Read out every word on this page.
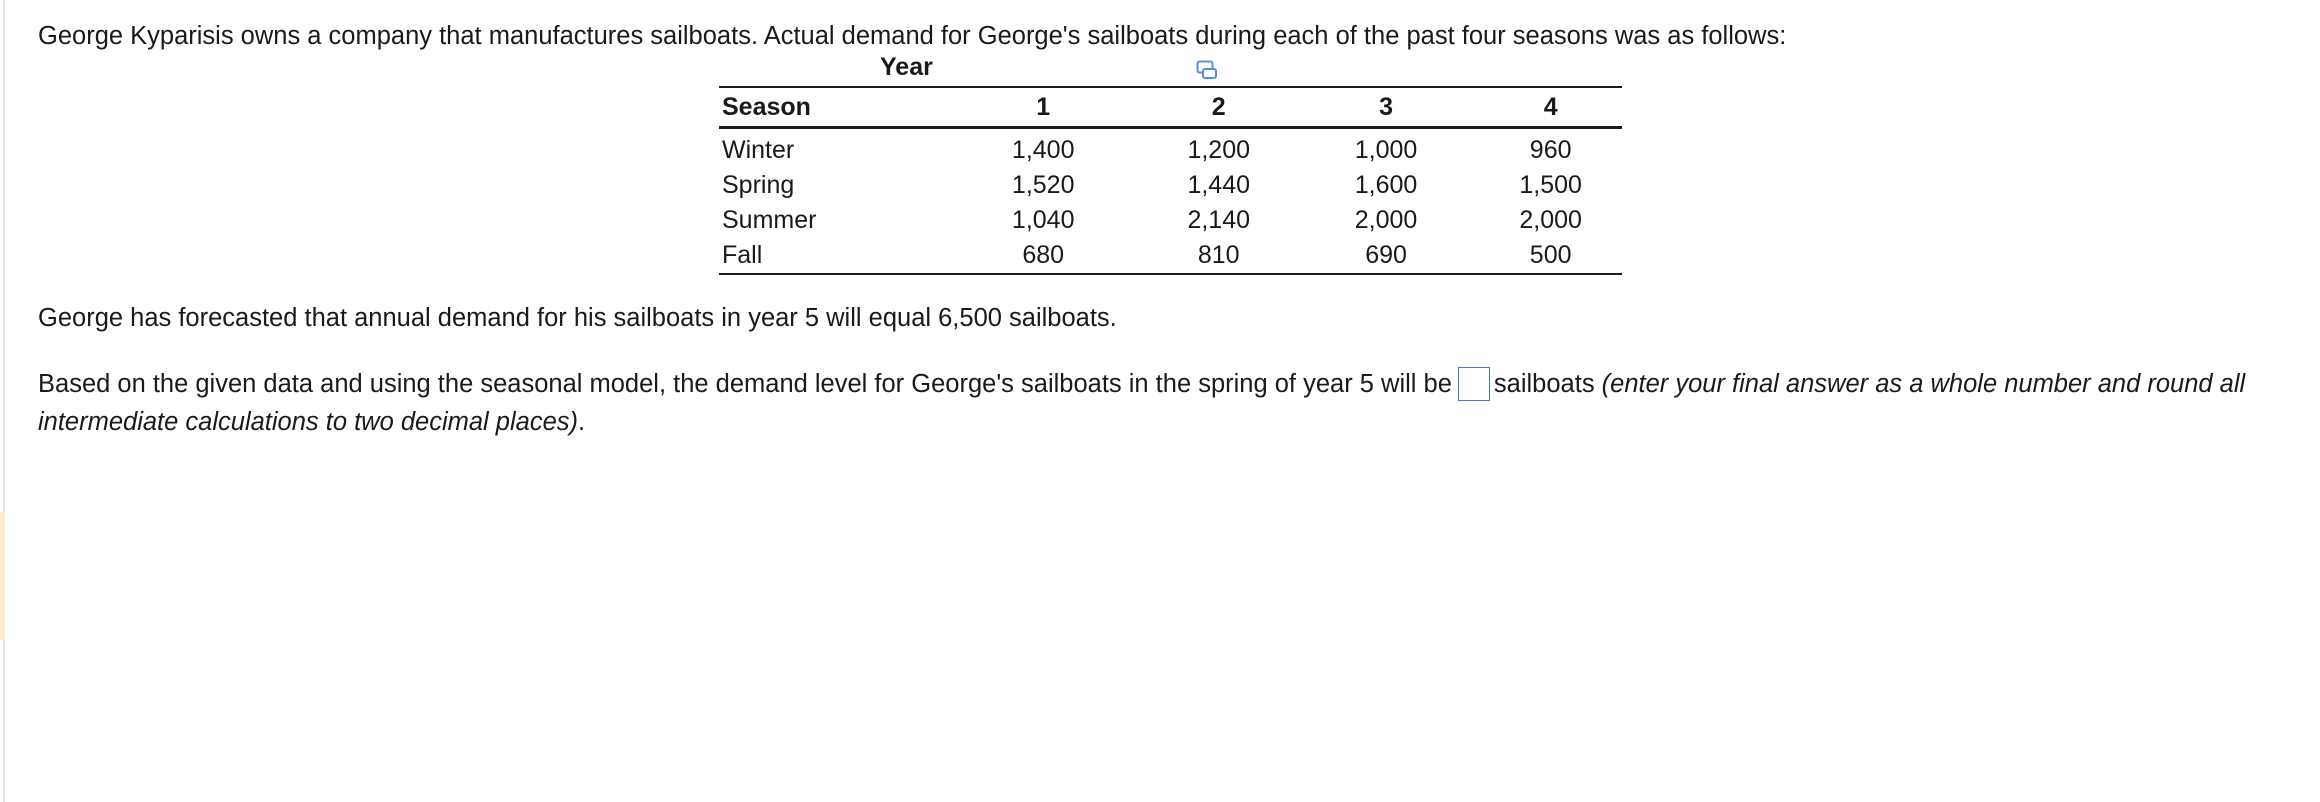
George Kyparisis owns a company that manufactures sailboats. Actual demand for George's sailboats during each of the past four seasons was as follows:
Year
Season	1	2	3	4
Winter	1,400	1,200	1,000	960
Spring	1,520	1,440	1,600	1,500
Summer	1,040	2,140	2,000	2,000
Fall	680	810	690	500
George has forecasted that annual demand for his sailboats in year 5 will equal 6,500 sailboats.
Based on the given data and using the seasonal model, the demand level for George's sailboats in the spring of year 5 will be sailboats (enter your final answer as a whole number and round all
intermediate calculations to two decimal places).
